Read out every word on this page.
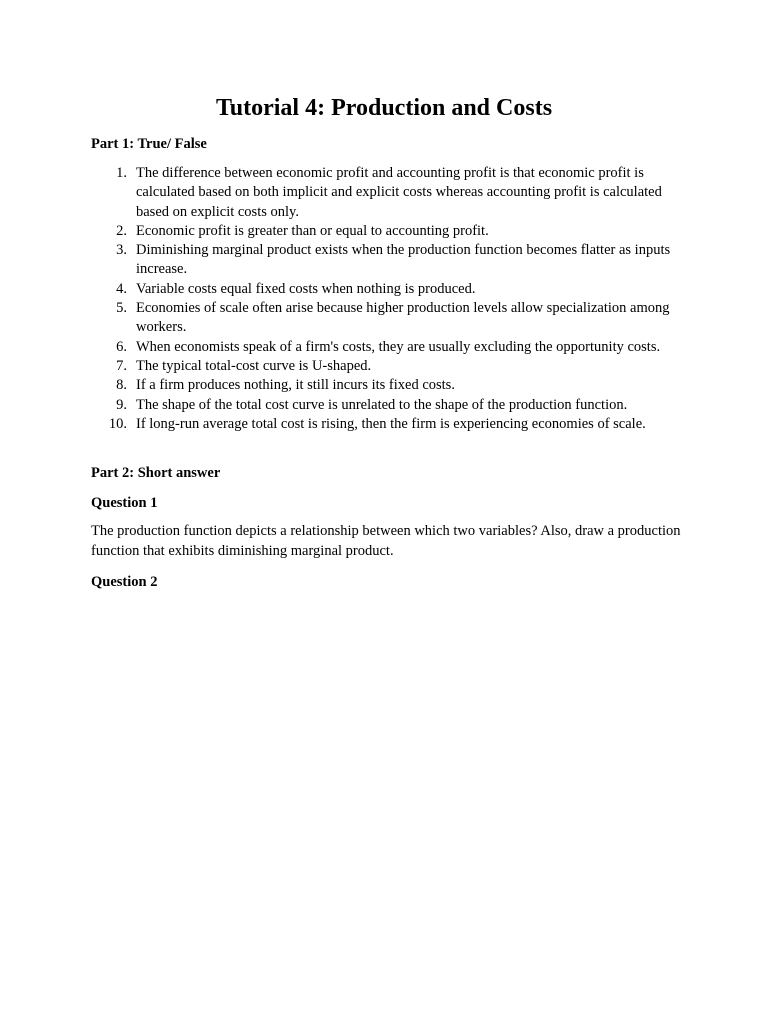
Tutorial 4: Production and Costs
Part 1: True/ False
1. The difference between economic profit and accounting profit is that economic profit is calculated based on both implicit and explicit costs whereas accounting profit is calculated based on explicit costs only.
2. Economic profit is greater than or equal to accounting profit.
3. Diminishing marginal product exists when the production function becomes flatter as inputs increase.
4. Variable costs equal fixed costs when nothing is produced.
5. Economies of scale often arise because higher production levels allow specialization among workers.
6. When economists speak of a firm's costs, they are usually excluding the opportunity costs.
7. The typical total-cost curve is U-shaped.
8. If a firm produces nothing, it still incurs its fixed costs.
9. The shape of the total cost curve is unrelated to the shape of the production function.
10. If long-run average total cost is rising, then the firm is experiencing economies of scale.
Part 2: Short answer
Question 1

The production function depicts a relationship between which two variables? Also, draw a production function that exhibits diminishing marginal product.

Question 2
